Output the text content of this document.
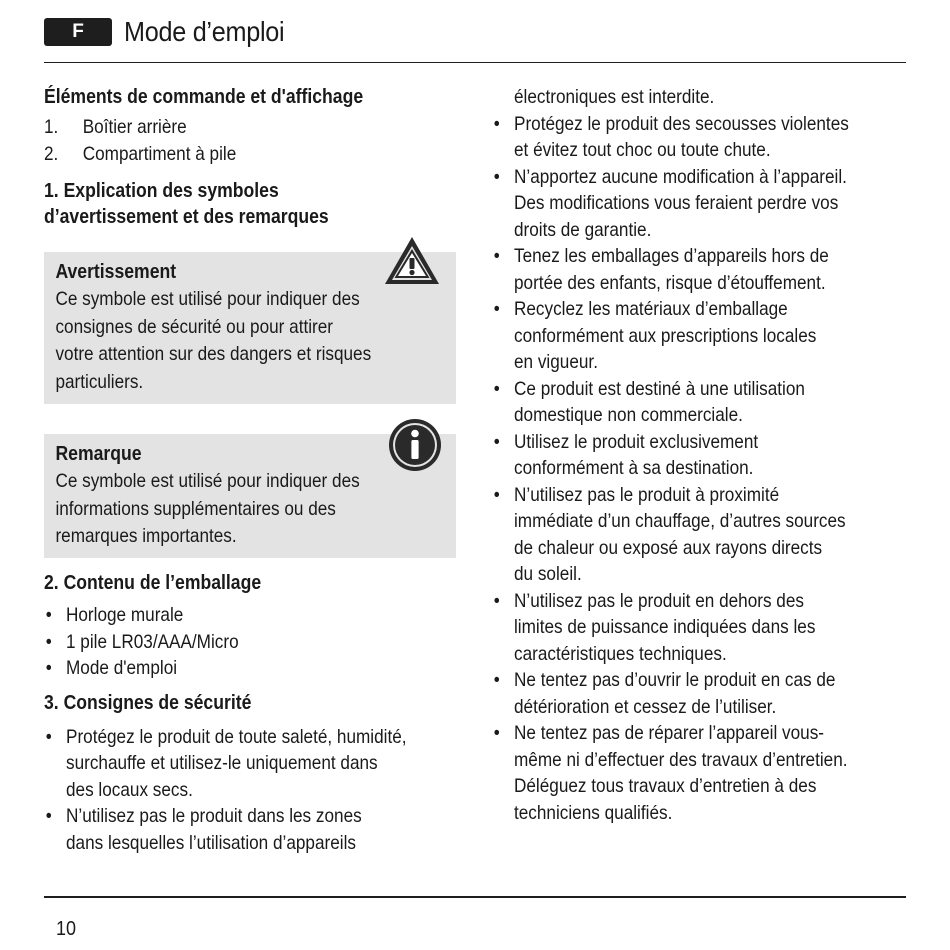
F	Mode d’emploi
Éléments de commande et d'affichage
1.	Boîtier arrière
2.	Compartiment à pile
1. Explication des symboles
d’avertissement et des remarques
Avertissement
Ce symbole est utilisé pour indiquer des
consignes de sécurité ou pour attirer
votre attention sur des dangers et risques
particuliers.
Remarque
Ce symbole est utilisé pour indiquer des
informations supplémentaires ou des
remarques importantes.
2. Contenu de l’emballage
• Horloge murale
• 1 pile LR03/AAA/Micro
• Mode d'emploi
3. Consignes de sécurité
• Protégez le produit de toute saleté, humidité,
surchauffe et utilisez-le uniquement dans
des locaux secs.
• N’utilisez pas le produit dans les zones
dans lesquelles l’utilisation d’appareils
électroniques est interdite.
• Protégez le produit des secousses violentes
et évitez tout choc ou toute chute.
• N’apportez aucune modification à l’appareil.
Des modifications vous feraient perdre vos
droits de garantie.
• Tenez les emballages d’appareils hors de
portée des enfants, risque d’étouffement.
• Recyclez les matériaux d’emballage
conformément aux prescriptions locales
en vigueur.
• Ce produit est destiné à une utilisation
domestique non commerciale.
• Utilisez le produit exclusivement
conformément à sa destination.
• N’utilisez pas le produit à proximité
immédiate d’un chauffage, d’autres sources
de chaleur ou exposé aux rayons directs
du soleil.
• N’utilisez pas le produit en dehors des
limites de puissance indiquées dans les
caractéristiques techniques.
• Ne tentez pas d’ouvrir le produit en cas de
détérioration et cessez de l’utiliser.
• Ne tentez pas de réparer l’appareil vous-
même ni d’effectuer des travaux d’entretien.
Déléguez tous travaux d’entretien à des
techniciens qualifiés.
10
